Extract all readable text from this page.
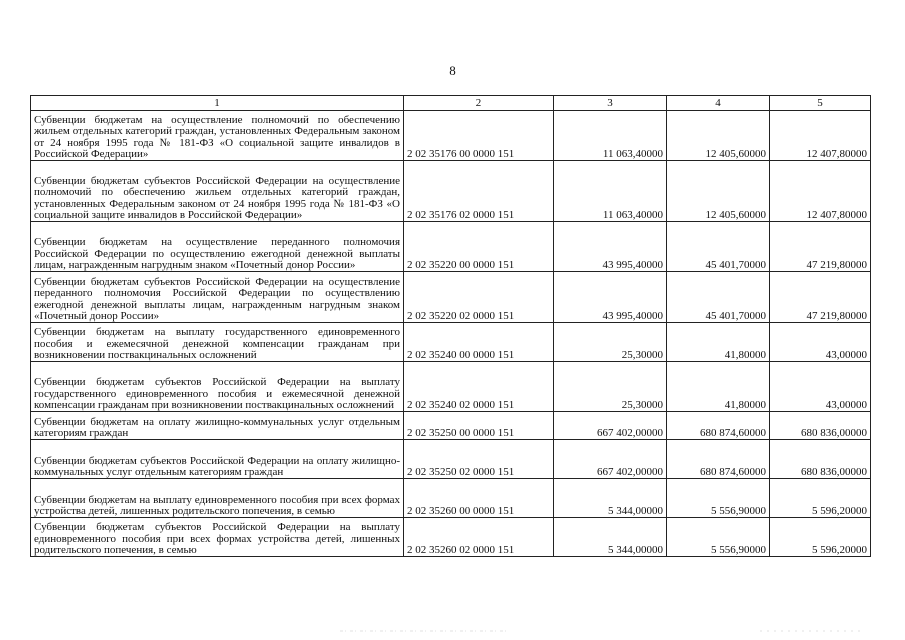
8
1	2	3	4	5
Субвенции бюджетам на осуществление полномочий по обеспечению жильем отдельных категорий граждан, установленных Федеральным законом от 24 ноября 1995 года № 181-ФЗ «О социальной защите инвалидов в Российской Федерации»	2 02 35176 00 0000 151	11 063,40000	12 405,60000	12 407,80000
Субвенции бюджетам субъектов Российской Федерации на осуществление полномочий по обеспечению жильем отдельных категорий граждан, установленных Федеральным законом от 24 ноября 1995 года № 181-ФЗ «О социальной защите инвалидов в Российской Федерации»	2 02 35176 02 0000 151	11 063,40000	12 405,60000	12 407,80000
Субвенции бюджетам на осуществление переданного полномочия Российской Федерации по осуществлению ежегодной денежной выплаты лицам, награжденным нагрудным знаком «Почетный донор России»	2 02 35220 00 0000 151	43 995,40000	45 401,70000	47 219,80000
Субвенции бюджетам субъектов Российской Федерации на осуществление переданного полномочия Российской Федерации по осуществлению ежегодной денежной выплаты лицам, награжденным нагрудным знаком «Почетный донор России»	2 02 35220 02 0000 151	43 995,40000	45 401,70000	47 219,80000
Субвенции бюджетам на выплату государственного единовременного пособия и ежемесячной денежной компенсации гражданам при возникновении поствакцинальных осложнений	2 02 35240 00 0000 151	25,30000	41,80000	43,00000
Субвенции бюджетам субъектов Российской Федерации на выплату государственного единовременного пособия и ежемесячной денежной компенсации гражданам при возникновении поствакцинальных осложнений	2 02 35240 02 0000 151	25,30000	41,80000	43,00000
Субвенции бюджетам на оплату жилищно-коммунальных услуг отдельным категориям граждан	2 02 35250 00 0000 151	667 402,00000	680 874,60000	680 836,00000
Субвенции бюджетам субъектов Российской Федерации на оплату жилищно-коммунальных услуг отдельным категориям граждан	2 02 35250 02 0000 151	667 402,00000	680 874,60000	680 836,00000
Субвенции бюджетам на выплату единовременного пособия при всех формах устройства детей, лишенных родительского попечения, в семью	2 02 35260 00 0000 151	5 344,00000	5 556,90000	5 596,20000
Субвенции бюджетам субъектов Российской Федерации на выплату единовременного пособия при всех формах устройства детей, лишенных родительского попечения, в семью	2 02 35260 02 0000 151	5 344,00000	5 556,90000	5 596,20000
